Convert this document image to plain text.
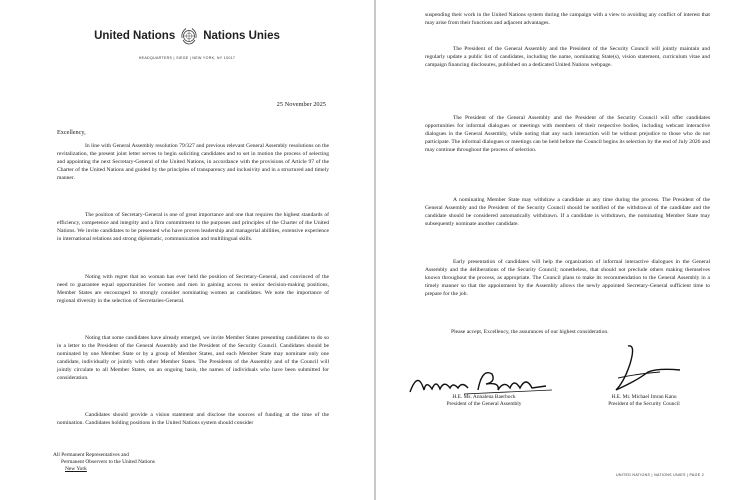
United Nations Nations Unies
HEADQUARTERS | SIEGE | NEW YORK, NY 10017
25 November 2025
Excellency,

In line with General Assembly resolution 79/327 and previous relevant General Assembly resolutions on the revitalization, the present joint letter serves to begin soliciting candidates and to set in motion the process of selecting and appointing the next Secretary-General of the United Nations, in accordance with the provisions of Article 97 of the Charter of the United Nations and guided by the principles of transparency and inclusivity and in a structured and timely manner.

The position of Secretary-General is one of great importance and one that requires the highest standards of efficiency, competence and integrity and a firm commitment to the purposes and principles of the Charter of the United Nations. We invite candidates to be presented who have proven leadership and managerial abilities, extensive experience in international relations and strong diplomatic, communication and multilingual skills.

Noting with regret that no woman has ever held the position of Secretary-General, and convinced of the need to guarantee equal opportunities for women and men in gaining access to senior decision-making positions, Member States are encouraged to strongly consider nominating women as candidates. We note the importance of regional diversity in the selection of Secretaries-General.

Noting that some candidates have already emerged, we invite Member States presenting candidates to do so in a letter to the President of the General Assembly and the President of the Security Council. Candidates should be nominated by one Member State or by a group of Member States, and each Member State may nominate only one candidate, individually or jointly with other Member States. The Presidents of the Assembly and of the Council will jointly circulate to all Member States, on an ongoing basis, the names of individuals who have been submitted for consideration.

Candidates should provide a vision statement and disclose the sources of funding at the time of the nomination. Candidates holding positions in the United Nations system should consider

All Permanent Representatives and
Permanent Observers to the United Nations
New York

suspending their work in the United Nations system during the campaign with a view to avoiding any conflict of interest that may arise from their functions and adjacent advantages.

The President of the General Assembly and the President of the Security Council will jointly maintain and regularly update a public list of candidates, including the name, nominating State(s), vision statement, curriculum vitae and campaign financing disclosures, published on a dedicated United Nations webpage.

The President of the General Assembly and the President of the Security Council will offer candidates opportunities for informal dialogues or meetings with members of their respective bodies, including webcast interactive dialogues in the General Assembly, while noting that any such interaction will be without prejudice to those who do not participate. The informal dialogues or meetings can be held before the Council begins its selection by the end of July 2026 and may continue throughout the process of selection.

A nominating Member State may withdraw a candidate at any time during the process. The President of the General Assembly and the President of the Security Council should be notified of the withdrawal of the candidate and the candidate should be considered automatically withdrawn. If a candidate is withdrawn, the nominating Member State may subsequently nominate another candidate.

Early presentation of candidates will help the organization of informal interactive dialogues in the General Assembly and the deliberations of the Security Council; nonetheless, that should not preclude others making themselves known throughout the process, as appropriate. The Council plans to make its recommendation to the General Assembly in a timely manner so that the appointment by the Assembly allows the newly appointed Secretary-General sufficient time to prepare for the job.

Please accept, Excellency, the assurances of our highest consideration.
H.E. Ms. Annalena Baerbock
President of the General Assembly
H.E. Mr. Michael Imran Kanu
President of the Security Council
UNITED NATIONS | NATIONS UNIES | PAGE 2
